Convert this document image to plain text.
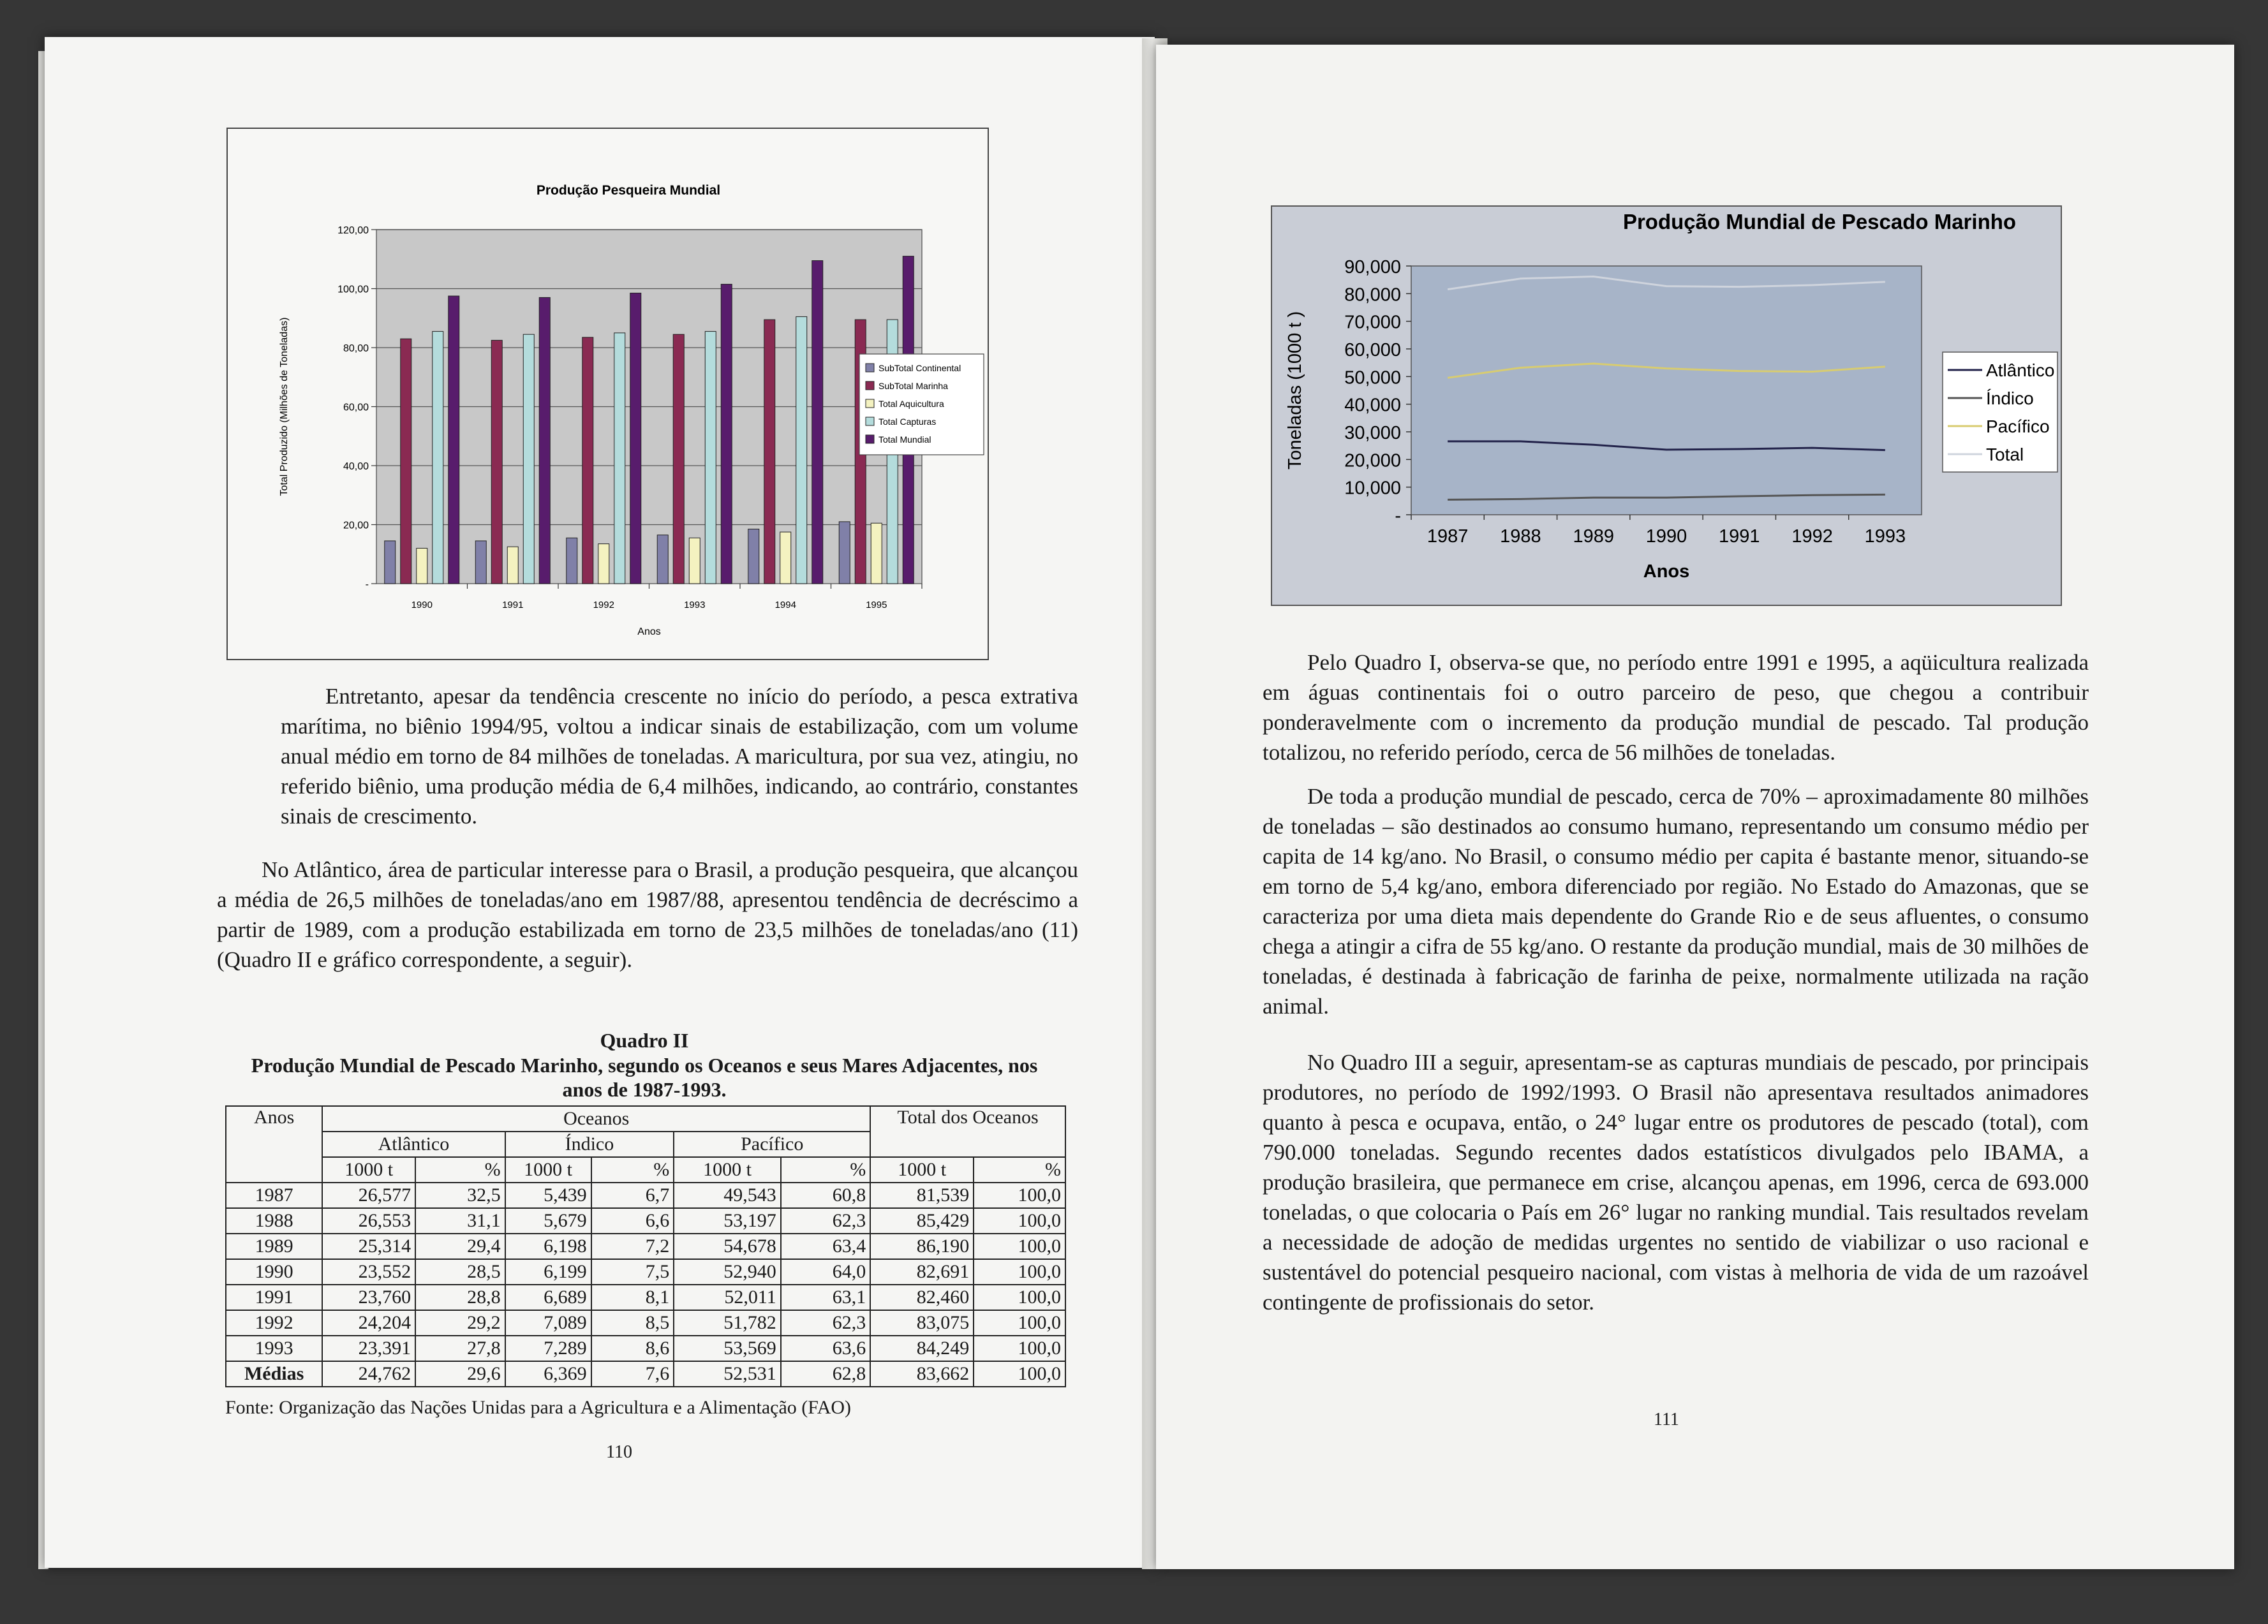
Entretanto, apesar da tendência crescente no início do período, a pesca extrativa marítima, no biênio 1994/95, voltou a indicar sinais de estabilização, com um volume anual médio em torno de 84 milhões de toneladas. A maricultura, por sua vez, atingiu, no referido biênio, uma produção média de 6,4 milhões, indicando, ao contrário, constantes sinais de crescimento.

No Atlântico, área de particular interesse para o Brasil, a produção pesqueira, que alcançou a média de 26,5 milhões de toneladas/ano em 1987/88, apresentou tendência de decréscimo a partir de 1989, com a produção estabilizada em torno de 23,5 milhões de toneladas/ano (11) (Quadro II e gráfico correspondente, a seguir).

Quadro II
Produção Mundial de Pescado Marinho, segundo os Oceanos e seus Mares Adjacentes, nos anos de 1987-1993.
Anos	Oceanos						Total dos Oceanos	
	Atlântico		Índico		Pacífico			
	1000 t	%	1000 t	%	1000 t	%	1000 t	%
1987	26,577	32,5	5,439	6,7	49,543	60,8	81,539	100,0
1988	26,553	31,1	5,679	6,6	53,197	62,3	85,429	100,0
1989	25,314	29,4	6,198	7,2	54,678	63,4	86,190	100,0
1990	23,552	28,5	6,199	7,5	52,940	64,0	82,691	100,0
1991	23,760	28,8	6,689	8,1	52,011	63,1	82,460	100,0
1992	24,204	29,2	7,089	8,5	51,782	62,3	83,075	100,0
1993	23,391	27,8	7,289	8,6	53,569	63,6	84,249	100,0
Médias	24,762	29,6	6,369	7,6	52,531	62,8	83,662	100,0
Fonte: Organização das Nações Unidas para a Agricultura e a Alimentação (FAO)
110

Pelo Quadro I, observa-se que, no período entre 1991 e 1995, a aqüicultura realizada em águas continentais foi o outro parceiro de peso, que chegou a contribuir ponderavelmente com o incremento da produção mundial de pescado. Tal produção totalizou, no referido período, cerca de 56 milhões de toneladas.

De toda a produção mundial de pescado, cerca de 70% – aproximadamente 80 milhões de toneladas – são destinados ao consumo humano, representando um consumo médio per capita de 14 kg/ano. No Brasil, o consumo médio per capita é bastante menor, situando-se em torno de 5,4 kg/ano, embora diferenciado por região. No Estado do Amazonas, que se caracteriza por uma dieta mais dependente do Grande Rio e de seus afluentes, o consumo chega a atingir a cifra de 55 kg/ano. O restante da produção mundial, mais de 30 milhões de toneladas, é destinada à fabricação de farinha de peixe, normalmente utilizada na ração animal.

No Quadro III a seguir, apresentam-se as capturas mundiais de pescado, por principais produtores, no período de 1992/1993. O Brasil não apresentava resultados animadores quanto à pesca e ocupava, então, o 24° lugar entre os produtores de pescado (total), com 790.000 toneladas. Segundo recentes dados estatísticos divulgados pelo IBAMA, a produção brasileira, que permanece em crise, alcançou apenas, em 1996, cerca de 693.000 toneladas, o que colocaria o País em 26° lugar no ranking mundial. Tais resultados revelam a necessidade de adoção de medidas urgentes no sentido de viabilizar o uso racional e sustentável do potencial pesqueiro nacional, com vistas à melhoria de vida de um razoável contingente de profissionais do setor.

111
Produção Pesqueira Mundial
-
20,00
40,00
60,00
80,00
100,00
120,00
Total Produzido (Milhões de Toneladas)
1990	1991	1992	1993	1994	1995
Anos
SubTotal Continental
SubTotal Marinha
Total Aquicultura
Total Capturas
Total Mundial
Produção Mundial de Pescado Marinho
-
10,000
20,000
30,000
40,000
50,000
60,000
70,000
80,000
90,000
Toneladas (1000 t )
1987 1988 1989 1990 1991 1992 1993
Anos
Atlântico
Índico
Pacífico
Total
